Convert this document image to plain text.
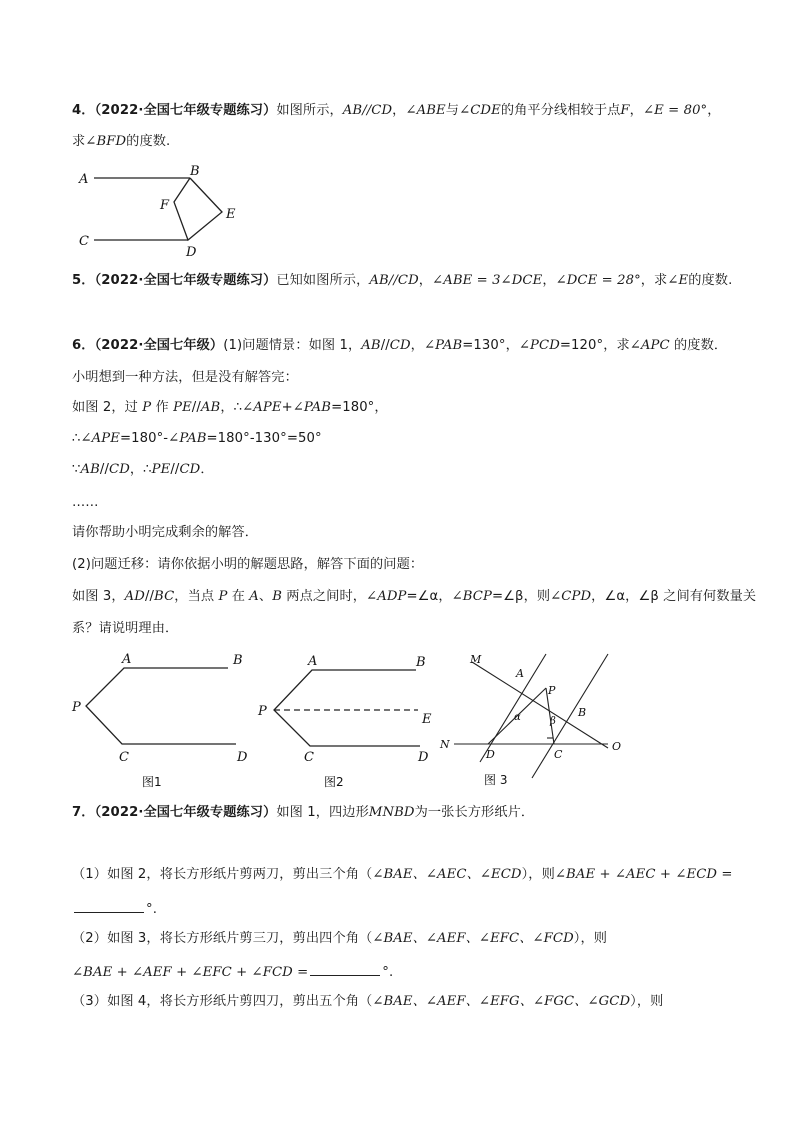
4．（2022·全国七年级专题练习）如图所示，AB//CD，∠ABE与∠CDE的角平分线相较于点F，∠E = 80°，
求∠BFD的度数.
A
B
F
E
C
D
5．（2022·全国七年级专题练习）已知如图所示，AB//CD，∠ABE = 3∠DCE，∠DCE = 28°，求∠E的度数.
6．（2022·全国七年级）(1)问题情景：如图 1，AB//CD，∠PAB=130°，∠PCD=120°，求∠APC 的度数．
小明想到一种方法，但是没有解答完：
如图 2，过 P 作 PE//AB，∴∠APE+∠PAB=180°，
∴∠APE=180°-∠PAB=180°-130°=50°
∵AB//CD，∴PE//CD．
……
请你帮助小明完成剩余的解答．
(2)问题迁移：请你依据小明的解题思路，解答下面的问题：
如图 3，AD//BC，当点 P 在 A、B 两点之间时，∠ADP=∠α，∠BCP=∠β，则∠CPD，∠α，∠β 之间有何数量关
系？请说明理由．
A	B
P
C	D
图1
A	B
P
E
C	D
图2
M
A
P
B
α	β
N
D	C
O
图 3
7．（2022·全国七年级专题练习）如图 1，四边形MNBD为一张长方形纸片．
（1）如图 2，将长方形纸片剪两刀，剪出三个角（∠BAE、∠AEC、∠ECD），则∠BAE + ∠AEC + ∠ECD =
°.
（2）如图 3，将长方形纸片剪三刀，剪出四个角（∠BAE、∠AEF、∠EFC、∠FCD），则
∠BAE + ∠AEF + ∠EFC + ∠FCD =	°.
（3）如图 4，将长方形纸片剪四刀，剪出五个角（∠BAE、∠AEF、∠EFG、∠FGC、∠GCD），则
